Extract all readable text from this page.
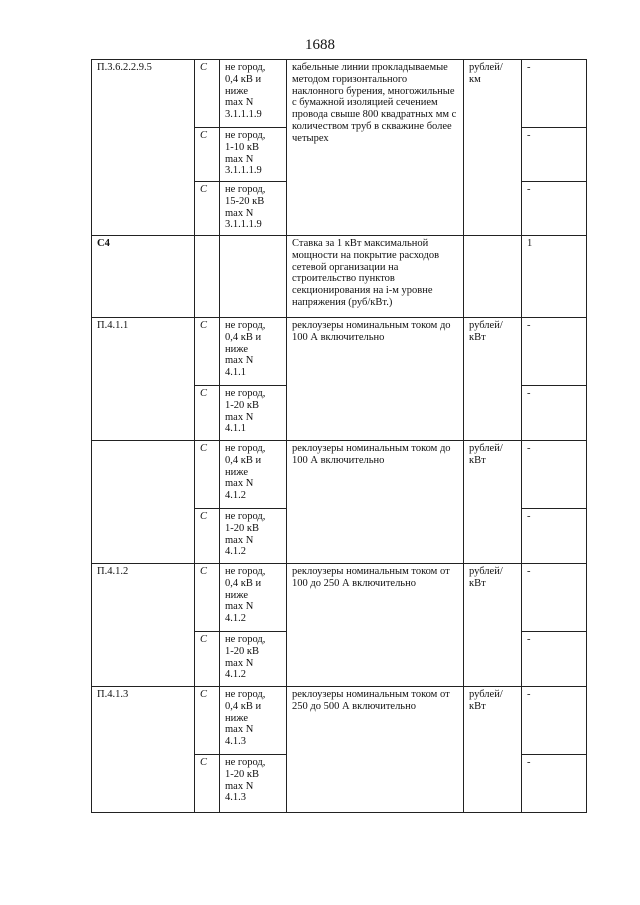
1688
П.3.6.2.2.9.5	С	не город,
0,4 кВ и
ниже
max N
3.1.1.1.9	кабельные линии прокладываемые методом горизонтального наклонного бурения, многожильные с бумажной изоляцией сечением провода свыше 800 квадратных мм с количеством труб в скважине более четырех	рублей/
км	-
	С	не город,
1-10 кВ
max N
3.1.1.1.9			-
	С	не город,
15-20 кВ
max N
3.1.1.1.9			-
С4			Ставка за 1 кВт максимальной мощности на покрытие расходов сетевой организации на строительство пунктов секционирования на i-м уровне напряжения (руб/кВт.)		1
П.4.1.1	С	не город,
0,4 кВ и
ниже
max N
4.1.1	реклоузеры номинальным током до 100 А включительно	рублей/
кВт	-
	С	не город,
1-20 кВ
max N
4.1.1			-
	С	не город,
0,4 кВ и
ниже
max N
4.1.2	реклоузеры номинальным током до 100 А включительно	рублей/
кВт	-
	С	не город,
1-20 кВ
max N
4.1.2			-
П.4.1.2	С	не город,
0,4 кВ и
ниже
max N
4.1.2	реклоузеры номинальным током от 100 до 250 А включительно	рублей/
кВт	-
	С	не город,
1-20 кВ
max N
4.1.2			-
П.4.1.3	С	не город,
0,4 кВ и
ниже
max N
4.1.3	реклоузеры номинальным током от 250 до 500 А включительно	рублей/
кВт	-
	С	не город,
1-20 кВ
max N
4.1.3			-
